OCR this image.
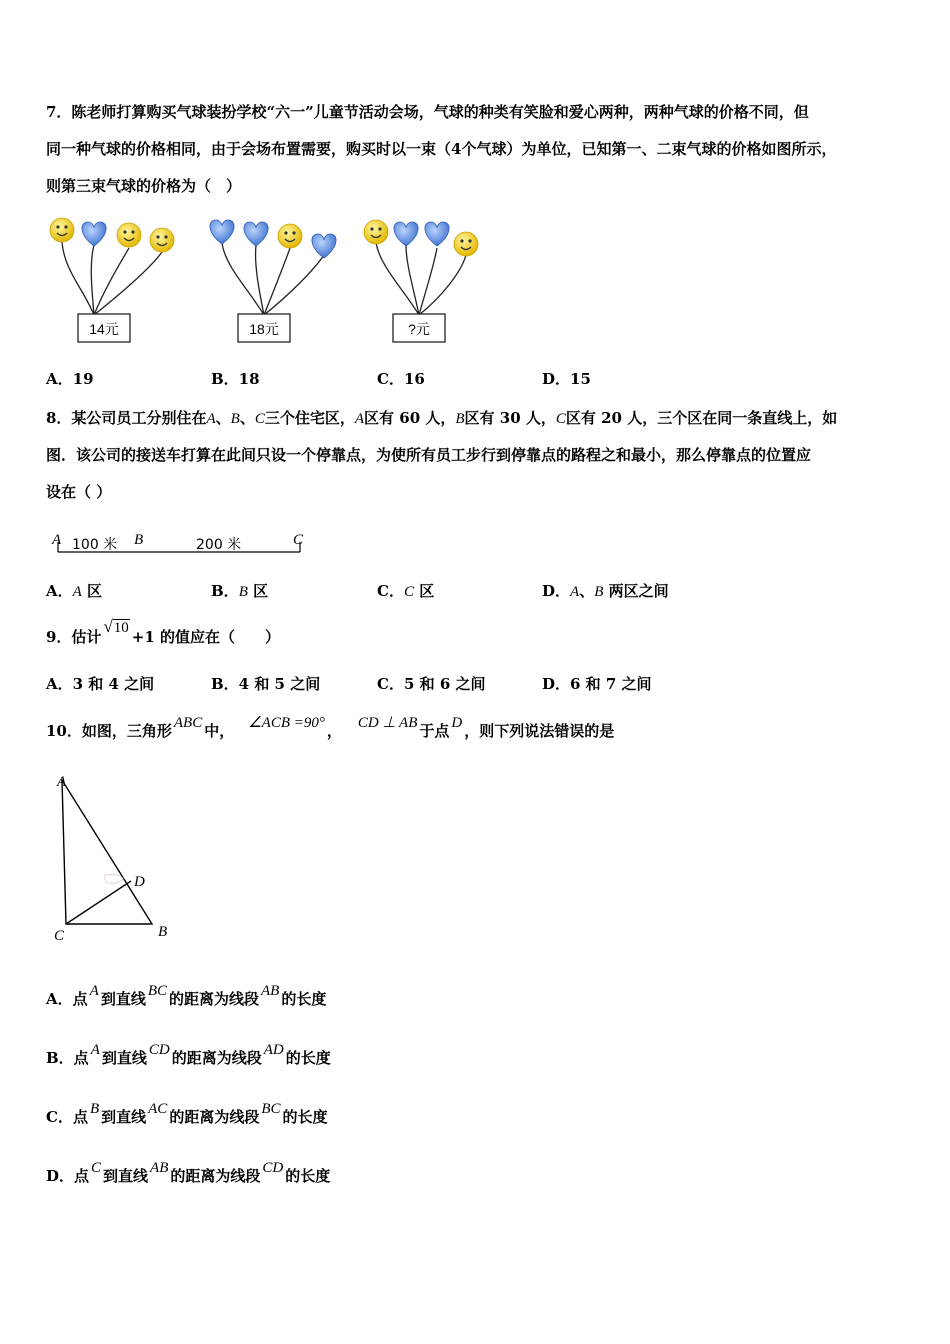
7．陈老师打算购买气球装扮学校“六一”儿童节活动会场，气球的种类有笑脸和爱心两种，两种气球的价格不同，但
同一种气球的价格相同，由于会场布置需要，购买时以一束（4个气球）为单位，已知第一、二束气球的价格如图所示，
则第三束气球的价格为（　）
14元	18元	?元
A．19	B．18	C．16	D．15
8．某公司员工分别住在A、B、C三个住宅区，A区有 60 人，B区有 30 人，C区有 20 人，三个区在同一条直线上，如
图．该公司的接送车打算在此间只设一个停靠点，为使所有员工步行到停靠点的路程之和最小，那么停靠点的位置应
设在（ ）
A	B	C
100 米	200 米
A．A 区	B．B 区	C．C 区	D．A、B 两区之间
9．估计√10 +1 的值应在（　　）
A．3 和 4 之间	B．4 和 5 之间	C．5 和 6 之间	D．6 和 7 之间
10．如图，三角形 ABC 中， ∠ACB =90° ， CD ⊥ AB 于点 D ，则下列说法错误的是
A
B
C
D
A．点 A 到直线 BC 的距离为线段 AB 的长度
B．点 A 到直线 CD 的距离为线段 AD 的长度
C．点 B 到直线 AC 的距离为线段 BC 的长度
D．点 C 到直线 AB 的距离为线段 CD 的长度
